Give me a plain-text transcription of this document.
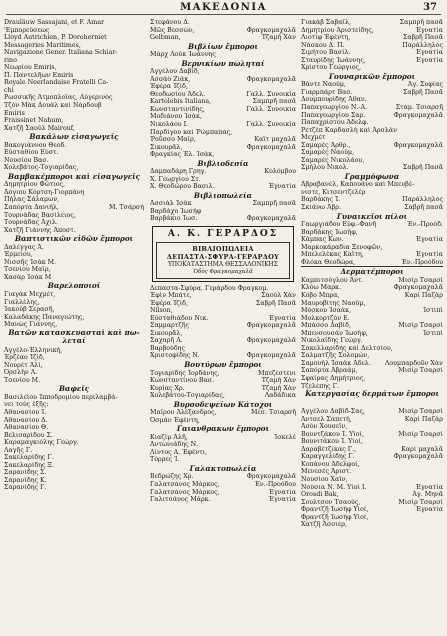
ΜΑΚΕΔΟΝΙΑ	37
Drauläuw Sassajani, et F. Amar
'Εμπορεύσεως
Lloyd Autrichien, P. Dorehermet
Messageries Maritimes,
Navigazione Gener. Italiana Schiar-
rino
Νεωρίου Emiris,
Π. Παντελῆων Emiris
Royale Neerlandaise Fratelli Ca-
chi
Ρωσσικῆς Ἀτμοπλοΐας, Αὐγερινὸς
Τζὸν Μὰκ Δουὰλ καὶ Νάρδουβ
Emiris
Fraissinet Nahum,
Χατζῆ Σαούλ Mairouf,
Βακάλων εἰσαγωγεῖς
Βακογιάννου Θεοδ.
Εὐσταθίου Εὐστ.
Νουσίου Βασ.
Χολεβάτος-Τογιαρίδας,
Βαμβακέμποροι καὶ εἰσαγωγεῖς
Δημητρίου Φώτιος,
Ἀόγιου Κόρτση-Γιορπάνη
Πήλας Σάλαμων,
Σαπόρτα Δανιήλ,	Μ. Τσάρσή
Τουρνάδας Βασίλειος,
Τουρνάδας Ἀχιλ.
Χατζῆ Γιάννης Ἀποστ.
Βαπτιστικῶν εἰδῶν ἔμποροι
Δαλέγγας Ἀ.
Ἐρμείου,
Νισσῆς Ἰσὰκ Μ.
Τσενίου Μαΐρ,
Χασὰρ Ἰσὰκ Μ
Βαρελοποιοί
Γιαγάκ Μεχμέτ,
Γιαλλέλης,
Ἰακοὺβ Σερασῆ,
Καλαδάκης Παναγιώτης,
Μανὼς Γιάννης,
Βατῶν κατασκευασταὶ καὶ πω-λεταί
Ἀγγέλο-Ἑλληνική,
Ἐρζέαο Ἰζίδ,
Νουρὲτ Ἀλί,
Ὀρσλὴν Ἀ.
Τσενίου Μ.
Βαφεῖς
Βασιλείου Ἱπποδρομίου περιλαμβά-
νει τοὺς ἑξῆς:
Ἀθανασίου Ἰ.
Ἀθανασίου Δ.
Ἀθανασίου Θ.
Βελισαρίδου Σ.
Καραμαγκιόλης Γεώργ.
Λαγῆς Γ.
Σακελαρίδης Γ.
Σακελαρίδης Ξ.
Σαρανίδης Σ.
Σαρανίδης Κ.
Σαρανίδης Γ.
Στεφάνου Δ.
Μῶς Βεσσὼν,	Φραγκομαχαλᾶ
Gelbman,	Τζαμὴ Χὰν
Βιβλίων ἔμποροι
Μάρχ Λοὺκ Ἰωάννης
Βερνικίων πωληταί
Ἀγγέλου Δαβίδ,
Ἀσσὰὸ Ζίάκ,	Φραγκομαχαλᾶ
Ἐφέρα Ἰζίδ,
Θεοδωσίου Ἀδελ.	Γαλλ. Συνοικία
Kartolebis Italiana,	Σαμπρῆ πασᾶ
Κωνσταντινίδης,	Γαλλ. Συνοικία
Μοδιάνου Ἰσὰκ,
Νικολάου Ι.	Γαλλ. Συνοικία
Παρδίγου καὶ Ῥώμπαπας,
Ῥοῦσσο Μαΐρ,	Καΐτ μαχαλᾶ
Σικουρᾶλ,	Φραγκομαχαλᾶ
Φραγκίας Ἐλ. Ἰσὰκ,
Βιβλιοδεσία
Δαμπαδάρη Γρηγ.	Κολόμβου
Χ. Γεωργίου Στ.
Χ. Θεοδώρου Βασιλ.	Ἐγνατία
Βιβλιοπωλεία
Ἀσσιὰλ Ἰσὰκ	Σαμπρῆ πασᾶ
Βαρδάχο Ἰωσήφ
Βαρβάκιο Ἰωσ.	Φραγκομαχαλᾶ
Α. Κ. ΓΕΡΑΡΔΟΣ
ΒΙΒΛΙΟΠΩΛΕΙΑ
ΔΕΠΑΣΤΑ-ΣΦΥΡΑ-ΓΕΡΑΡΔΟΥ
ΥΠΟΚΑΤΑΣΤΗΜΑ ΘΕΣΣΑΛΟΝΙΚΗΣ
Ὁδὸς Φραγκομαχαλᾶ
Δεπαστα-Σφύρα, Γεράρδου Φραγκομ.
Ἐφὶν Μπάτε,	Σαούλ Χὰν
Ἐφέρα Ἰζίδ,	Σαβρῆ Πασᾶ
Nilson,
Εὐσταθιάδου Νικ.	Ἐγνατία
Σαμμαρτζῆς	Φραγκομαχαλᾶ
Σικουρᾶλ,
Σαχαρῆ Α.	Φραγκομαχαλᾶ
Βαρβούδης
Χριστοφίδης Ν.	Φραγκομαχαλᾶ
Βουτύρων ἔμποροι
Τογιαρίδης Ἰορδάνης,	Μπεζεστένι
Κωνσταντίνου Βασ.	Τζαμὴ Χὰν
Κυρίας Χρ.	Τζαμὴ Χὰν
Χολεβάτου-Τογιαρίδας,	Λαδάδικα
Βυρσοδεψείων Κάτοχοι
Μαΐρου Ἀλέξανδρος,	Μεσ. Τσιαρσῆ
Ὀσμὰν Ἐφέντη,
Γαιανθρακων ἔμποροι
Κιαζίμ Ἀλῆ,	Ἰσκελέ
Ἀντωνιάδης Ν.
Λίντος Α. Ἐφέντι,
Τόρρες Ἰ.
Γαλακτοπωλεῖα
Βεδρώζης Χρ.	Φραγκομαχαλᾶ
Γαλατσάνος Μάρκος,	Ἐν.-Προόδου
Γαλατσάνος Μάρκος,	Ἐγνατία
Γαλιτσάνος Μάρκ.	Ἐγνατία
Γιακὰβ Σαβαΐλ,	Σαμπρῆ πασᾶ
Δημητρίου Ἀριστείδης,	Ἐγνατία
Λιοτίφ Ἐφέντη,	Σαβρῆ Πασᾶ
Νάσκου Δ. Π.	Παράλληλος
Σιμήτου Βασίλ.	Ἐγνατία
Σταυρίδης Ἰωάννης,	Ἐγνατία
Χρίστου Γεώργιος,
Γουναρικῶν ἔμποροι
Βάντε Ναούμ,	Ἀγ. Σοφίας
Γιαρμπάρτ Βασ.	Σαβρῆ Πασᾶ
Δουμπουρίδης Ἀθαν.
Παπαγεωργίου Ν.-Α.	Σταμ. Τσιαρσῆ
Παπαγεωργίου Σαρ.	Φραγκομαχαλᾶ
Παπαχρίστου Ἀδελφ.
Ρετζὲπ Καρδασλὴ καὶ Ἀρσλὰν
Μεχμέτ
Σαμαρὲς Ἀρθρ.,	Φραγκομαχαλᾶ
Σαμαρὲς Ναούμ,
Σαμαρὲς Νικολάου,
Σμήλου Νικολ.	Σαβρῆ Πασᾶ
Γραμμόφωνα
Ἀβραβανὲλ, Καπουάνο καὶ Μπενβέ-
νιστε, Κιτσεντζελέρ
Βαρδάκης Ἰ.	Παράλληλος
Σκιάνω Ἀβρ.	Σαβρῆ πασᾶ
Γυναικεῖοι πίλοι
Γαωργιάδου Εὐφ.-Φανῆ	Ἐν.-Προόδ.
Βαρδάκης Ἰωσήφ,
Κάμπας Κων.	Ἐγνατία
Μαρκοκάραδια Ξενοφῶν,
Μπελελέκας Καΐτη,	Ἐγνατία
Φλόκα Θεοδώρα,	Ἐν.-Προόδου
Δερματέμποροι
Καμπιτσόγλου Ἀντ.	Μισίρ Τσαρσί
Κλόω Μαρκ.	Φραγκομαχαλᾶ
Κόβο Μπρα,	Καρὶ Παζὰρ
Μαυροβίτης Ναούμ,
Μόσκου Ἰσαὰκ,	Ἰστιπὶ
Μολκορτζὸν Ε.
Μπάσσο Δαβίδ,	Μισίρ Τσαρσί
Μπενσουσάν Ἰωσήφ,	Ἰστιπὶ
Νικολαΐδης Γεώργ.
Σακελλαρίδης καὶ Δελτσίου,
Σαλματζῆς Σολομών,
Σαμουὴλ Ἰσαὰκ Ἀδελ. Λουμπαρδοῦν Χὰν
Σαπόρτα Ἀβραὰμ,	Μισίρ Τσαρσί
Σφαίρας Δημήτριος,
Τζελέπης Γ.
Κατεργασίας δερμάτων ἔμποροι
Ἀγγέλου Δαβίδ-Σας,	Μισίρ Τσαρσί
Ἀντσελ Σαπετὴ,	Καρὶ Παζὰρ
Ἀσὸν Χουσεΐν,
Βουντζάκου Ἰ. Υἱοί,	Μισίρ Τσαρσί
Βουνιτάκου Ἰ. Υἱοί,
Δαραβέτζικας Γ.,	Καρὶ μαχαλᾶ
Καραγγελίδης Γ.	Φραγκομαχαλᾶ
Κοπάνου Ἀδελφοί,
Μενεσὲς Ἀριστ.
Νουσίου Χαΐν,
Νούσια Ν. Μ. Υἱοί Ι.	Ἐγνατία
Orosdi Bak,	Ἀγ. Μηνᾶ
Σουλτσον Τσαούς,	Μισίρ Τσαρσί
Φραντζῆ Ἰωσὴφ Υἱοί,	Ἐγνατία
Φραντζῆ Ἰωσὴφ Υἱοί,
Χατζῆ Ἀσσιέρ,
